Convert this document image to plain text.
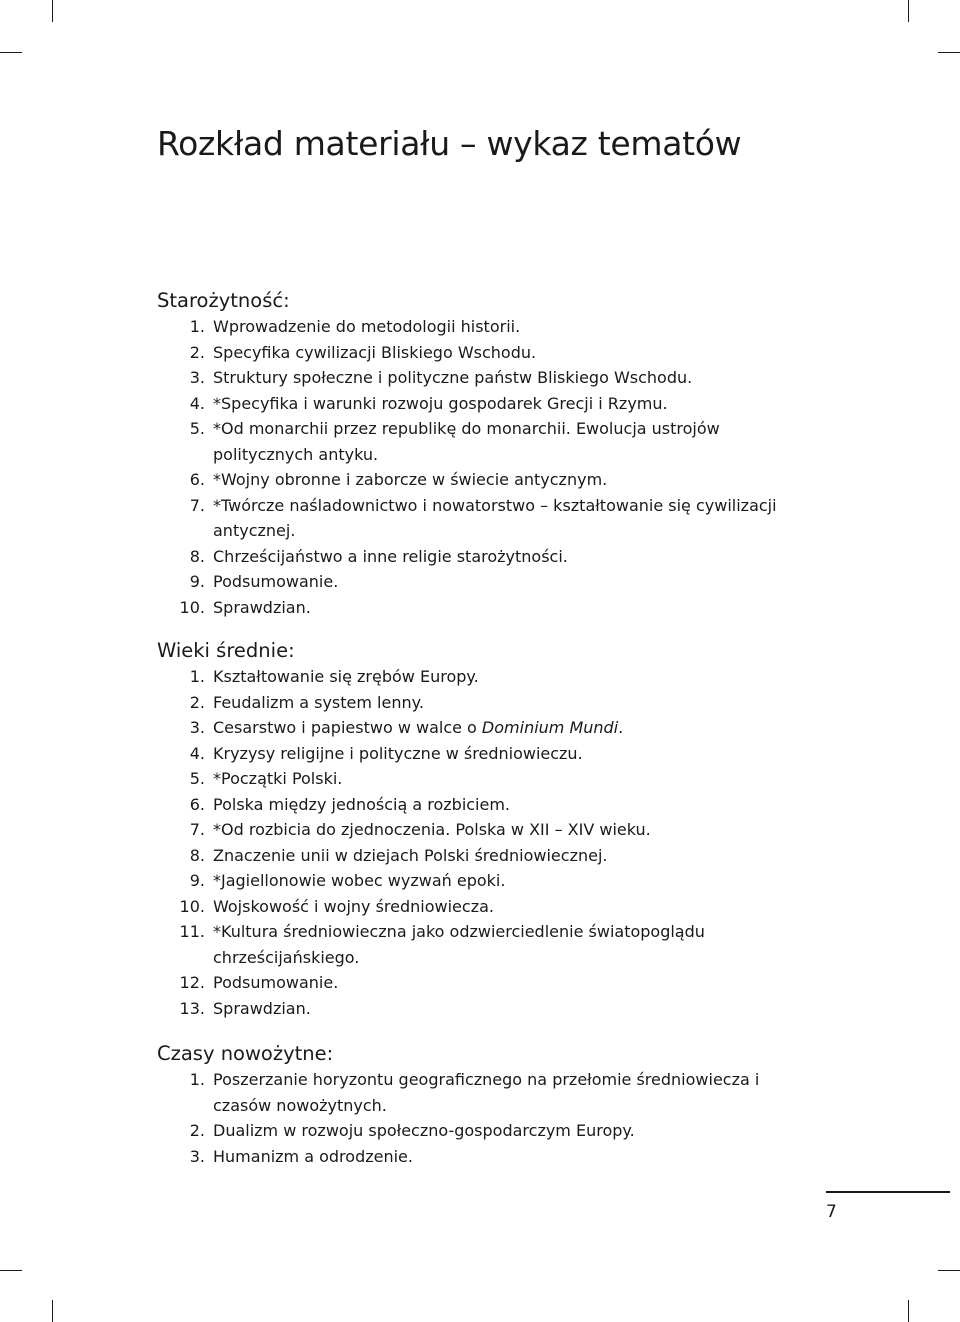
Rozkład materiału – wykaz tematów
Starożytność:
1. Wprowadzenie do metodologii historii.
2. Specyfika cywilizacji Bliskiego Wschodu.
3. Struktury społeczne i polityczne państw Bliskiego Wschodu.
4. *Specyfika i warunki rozwoju gospodarek Grecji i Rzymu.
5. *Od monarchii przez republikę do monarchii. Ewolucja ustrojów politycznych antyku.
6. *Wojny obronne i zaborcze w świecie antycznym.
7. *Twórcze naśladownictwo i nowatorstwo – kształtowanie się cywilizacji antycznej.
8. Chrześcijaństwo a inne religie starożytności.
9. Podsumowanie.
10. Sprawdzian.
Wieki średnie:
1. Kształtowanie się zrębów Europy.
2. Feudalizm a system lenny.
3. Cesarstwo i papiestwo w walce o Dominium Mundi.
4. Kryzysy religijne i polityczne w średniowieczu.
5. *Początki Polski.
6. Polska między jednością a rozbiciem.
7. *Od rozbicia do zjednoczenia. Polska w XII – XIV wieku.
8. Znaczenie unii w dziejach Polski średniowiecznej.
9. *Jagiellonowie wobec wyzwań epoki.
10. Wojskowość i wojny średniowiecza.
11. *Kultura średniowieczna jako odzwierciedlenie światopoglądu chrześcijańskiego.
12. Podsumowanie.
13. Sprawdzian.
Czasy nowożytne:
1. Poszerzanie horyzontu geograficznego na przełomie średniowiecza i czasów nowożytnych.
2. Dualizm w rozwoju społeczno-gospodarczym Europy.
3. Humanizm a odrodzenie.
7
